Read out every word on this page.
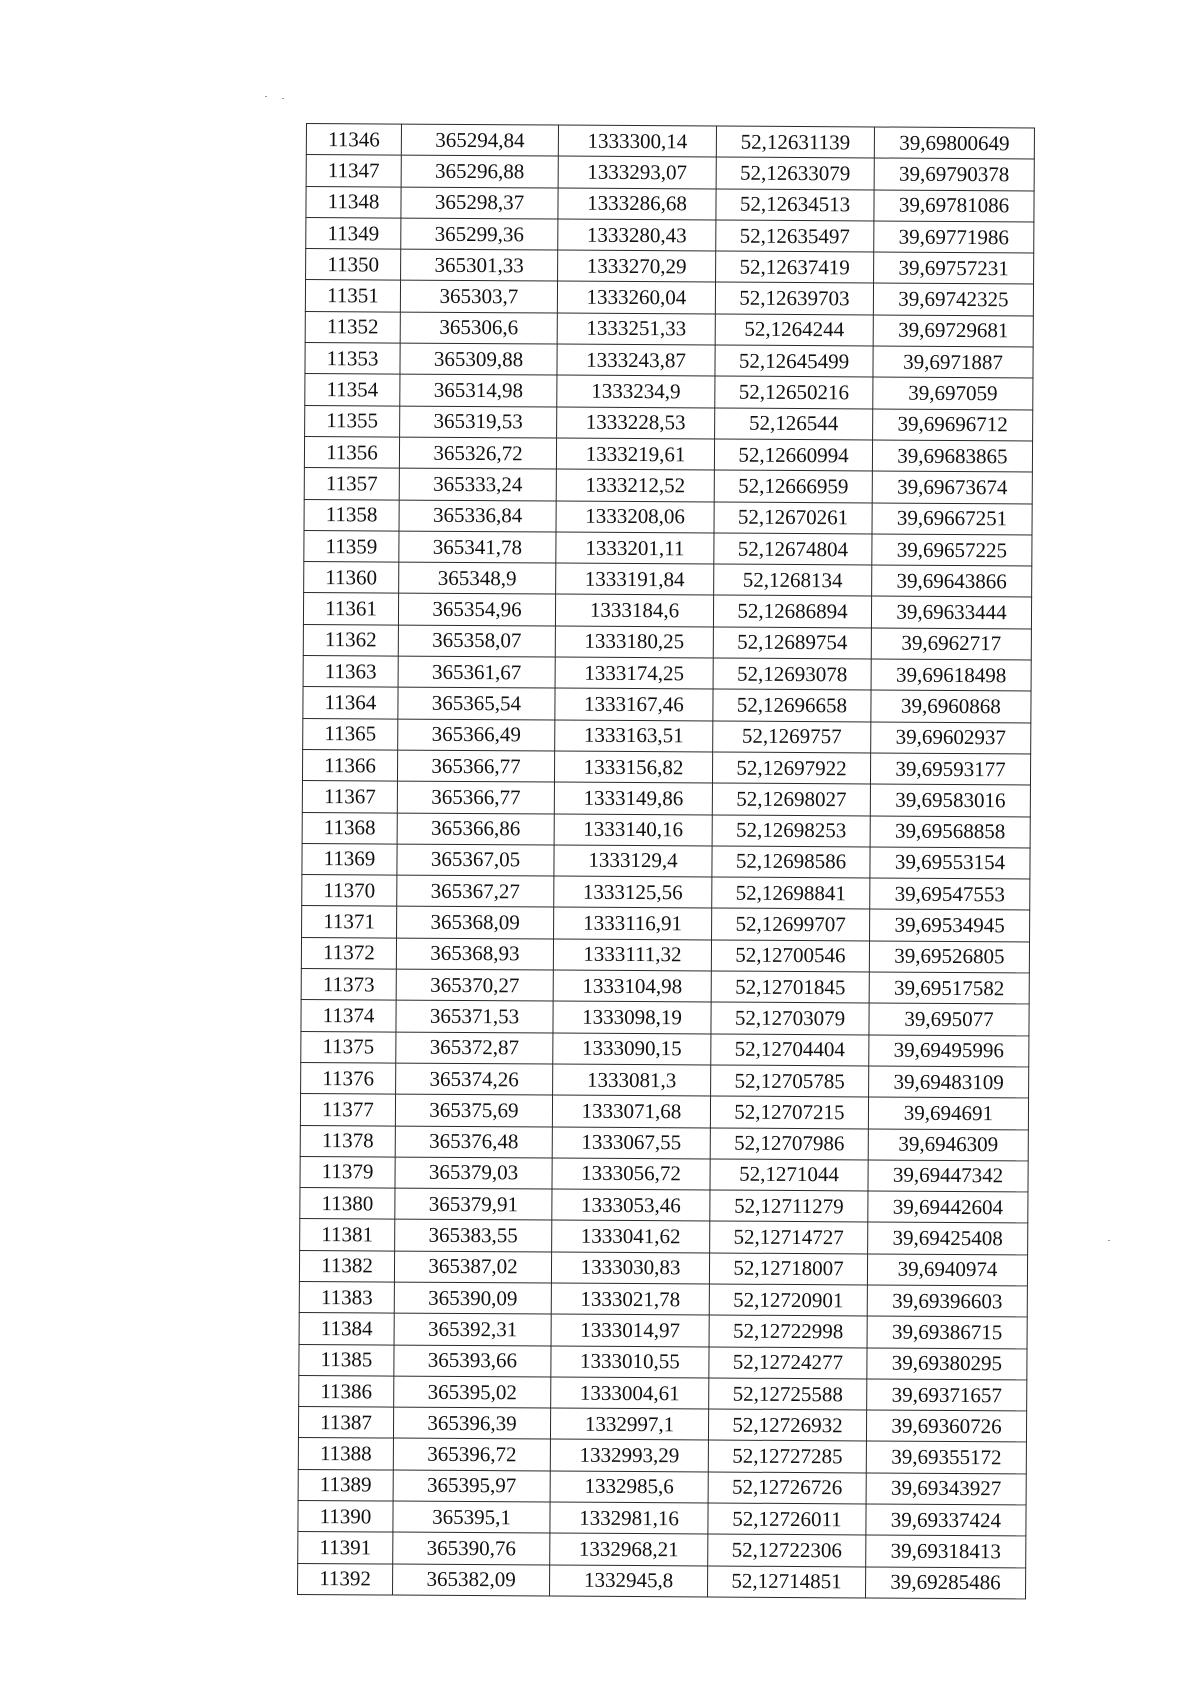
11346	365294,84	1333300,14	52,12631139	39,69800649
11347	365296,88	1333293,07	52,12633079	39,69790378
11348	365298,37	1333286,68	52,12634513	39,69781086
11349	365299,36	1333280,43	52,12635497	39,69771986
11350	365301,33	1333270,29	52,12637419	39,69757231
11351	365303,7	1333260,04	52,12639703	39,69742325
11352	365306,6	1333251,33	52,1264244	39,69729681
11353	365309,88	1333243,87	52,12645499	39,6971887
11354	365314,98	1333234,9	52,12650216	39,697059
11355	365319,53	1333228,53	52,126544	39,69696712
11356	365326,72	1333219,61	52,12660994	39,69683865
11357	365333,24	1333212,52	52,12666959	39,69673674
11358	365336,84	1333208,06	52,12670261	39,69667251
11359	365341,78	1333201,11	52,12674804	39,69657225
11360	365348,9	1333191,84	52,1268134	39,69643866
11361	365354,96	1333184,6	52,12686894	39,69633444
11362	365358,07	1333180,25	52,12689754	39,6962717
11363	365361,67	1333174,25	52,12693078	39,69618498
11364	365365,54	1333167,46	52,12696658	39,6960868
11365	365366,49	1333163,51	52,1269757	39,69602937
11366	365366,77	1333156,82	52,12697922	39,69593177
11367	365366,77	1333149,86	52,12698027	39,69583016
11368	365366,86	1333140,16	52,12698253	39,69568858
11369	365367,05	1333129,4	52,12698586	39,69553154
11370	365367,27	1333125,56	52,12698841	39,69547553
11371	365368,09	1333116,91	52,12699707	39,69534945
11372	365368,93	1333111,32	52,12700546	39,69526805
11373	365370,27	1333104,98	52,12701845	39,69517582
11374	365371,53	1333098,19	52,12703079	39,695077
11375	365372,87	1333090,15	52,12704404	39,69495996
11376	365374,26	1333081,3	52,12705785	39,69483109
11377	365375,69	1333071,68	52,12707215	39,694691
11378	365376,48	1333067,55	52,12707986	39,6946309
11379	365379,03	1333056,72	52,1271044	39,69447342
11380	365379,91	1333053,46	52,12711279	39,69442604
11381	365383,55	1333041,62	52,12714727	39,69425408
11382	365387,02	1333030,83	52,12718007	39,6940974
11383	365390,09	1333021,78	52,12720901	39,69396603
11384	365392,31	1333014,97	52,12722998	39,69386715
11385	365393,66	1333010,55	52,12724277	39,69380295
11386	365395,02	1333004,61	52,12725588	39,69371657
11387	365396,39	1332997,1	52,12726932	39,69360726
11388	365396,72	1332993,29	52,12727285	39,69355172
11389	365395,97	1332985,6	52,12726726	39,69343927
11390	365395,1	1332981,16	52,12726011	39,69337424
11391	365390,76	1332968,21	52,12722306	39,69318413
11392	365382,09	1332945,8	52,12714851	39,69285486
